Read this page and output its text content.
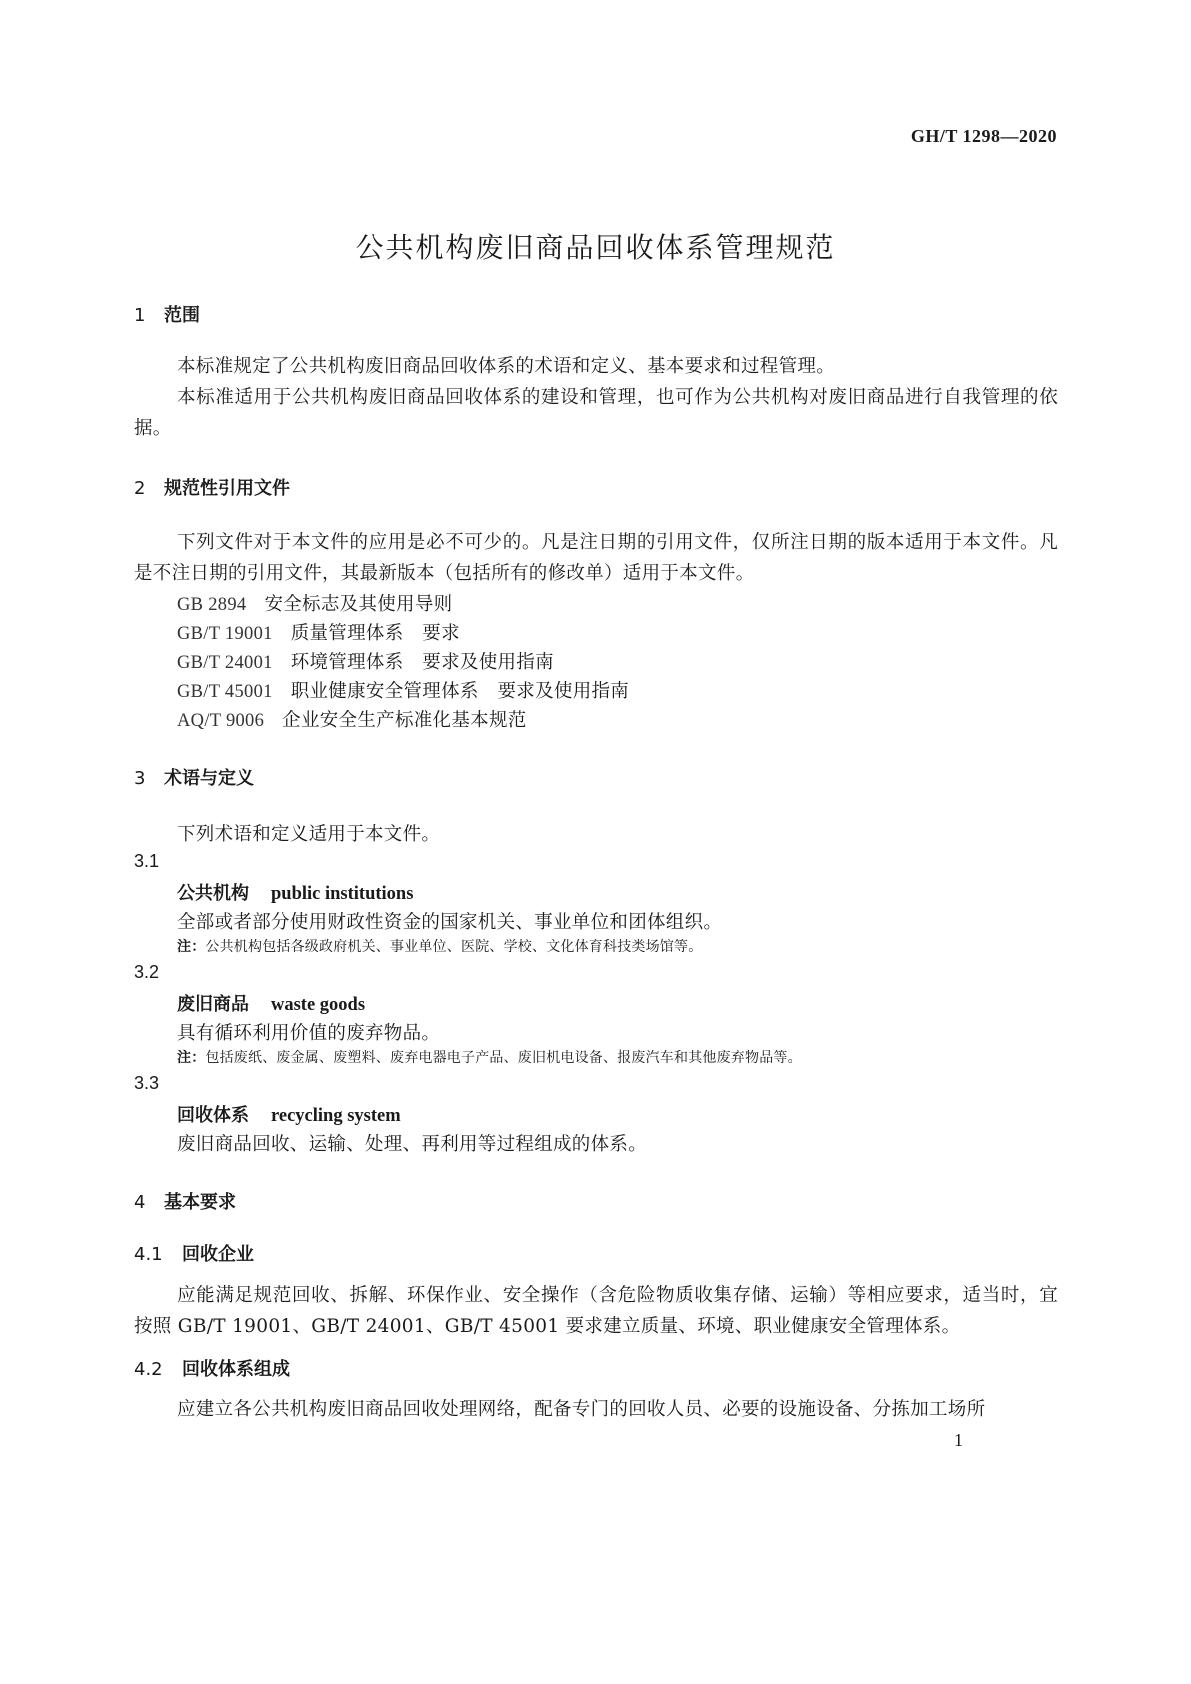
GH/T 1298—2020
公共机构废旧商品回收体系管理规范
1 范围
本标准规定了公共机构废旧商品回收体系的术语和定义、基本要求和过程管理。
本标准适用于公共机构废旧商品回收体系的建设和管理，也可作为公共机构对废旧商品进行自我管理的依据。
2 规范性引用文件
下列文件对于本文件的应用是必不可少的。凡是注日期的引用文件，仅所注日期的版本适用于本文件。凡是不注日期的引用文件，其最新版本（包括所有的修改单）适用于本文件。
GB 2894 安全标志及其使用导则
GB/T 19001 质量管理体系　要求
GB/T 24001 环境管理体系　要求及使用指南
GB/T 45001 职业健康安全管理体系　要求及使用指南
AQ/T 9006 企业安全生产标准化基本规范
3 术语与定义
下列术语和定义适用于本文件。
3.1
公共机构 public institutions
全部或者部分使用财政性资金的国家机关、事业单位和团体组织。
注：公共机构包括各级政府机关、事业单位、医院、学校、文化体育科技类场馆等。
3.2
废旧商品 waste goods
具有循环利用价值的废弃物品。
注：包括废纸、废金属、废塑料、废弃电器电子产品、废旧机电设备、报废汽车和其他废弃物品等。
3.3
回收体系 recycling system
废旧商品回收、运输、处理、再利用等过程组成的体系。
4 基本要求
4.1 回收企业
应能满足规范回收、拆解、环保作业、安全操作（含危险物质收集存储、运输）等相应要求，适当时，宜按照 GB/T 19001、GB/T 24001、GB/T 45001 要求建立质量、环境、职业健康安全管理体系。
4.2 回收体系组成
应建立各公共机构废旧商品回收处理网络，配备专门的回收人员、必要的设施设备、分拣加工场所
1
